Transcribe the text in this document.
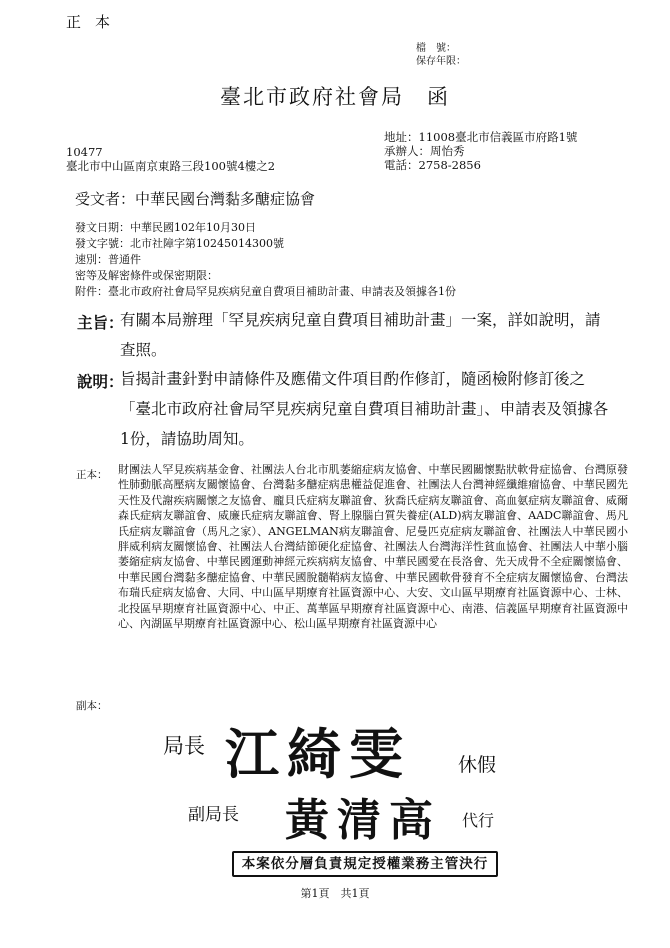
正本
檔　號：
保存年限：
臺北市政府社會局　函
地址：11008臺北市信義區市府路1號
承辦人：周怡秀
電話：2758-2856
10477
臺北市中山區南京東路三段100號4樓之2
受文者：中華民國台灣黏多醣症協會
發文日期：中華民國102年10月30日
發文字號：北市社障字第10245014300號
速別：普通件
密等及解密條件或保密期限：
附件：臺北市政府社會局罕見疾病兒童自費項目補助計畫、申請表及領據各1份
主旨：
有關本局辦理「罕見疾病兒童自費項目補助計畫」一案，詳如說明，請　查照。
說明：
旨揭計畫針對申請條件及應備文件項目酌作修訂，隨函檢附修訂後之「臺北市政府社會局罕見疾病兒童自費項目補助計畫」、申請表及領據各1份，請協助周知。
正本： 財團法人罕見疾病基金會、社團法人台北市肌萎縮症病友協會、中華民國關懷點狀軟骨症協會、台灣原發性肺動脈高壓病友關懷協會、台灣黏多醣症病患權益促進會、社團法人台灣神經纖維瘤協會、中華民國先天性及代謝疾病關懷之友協會、龐貝氏症病友聯誼會、狄喬氏症病友聯誼會、高血氨症病友聯誼會、威爾森氏症病友聯誼會、威廉氏症病友聯誼會、腎上腺腦白質失養症(ALD)病友聯誼會、AADC聯誼會、馬凡氏症病友聯誼會（馬凡之家）、ANGELMAN病友聯誼會、尼曼匹克症病友聯誼會、社團法人中華民國小胖威利病友關懷協會、社團法人台灣結節硬化症協會、社團法人台灣海洋性貧血協會、社團法人中華小腦萎縮症病友協會、中華民國運動神經元疾病病友協會、中華民國愛在長洛會、先天成骨不全症關懷協會、中華民國台灣黏多醣症協會、中華民國脫髓鞘病友協會、中華民國軟骨發育不全症病友關懷協會、台灣法布瑞氏症病友協會、大同、中山區早期療育社區資源中心、大安、文山區早期療育社區資源中心、士林、北投區早期療育社區資源中心、中正、萬華區早期療育社區資源中心、南港、信義區早期療育社區資源中心、內湖區早期療育社區資源中心、松山區早期療育社區資源中心
副本：
局長 江綺雯 休假
副局長 黃清高 代行
本案依分層負責規定授權業務主管決行
第1頁　共1頁
